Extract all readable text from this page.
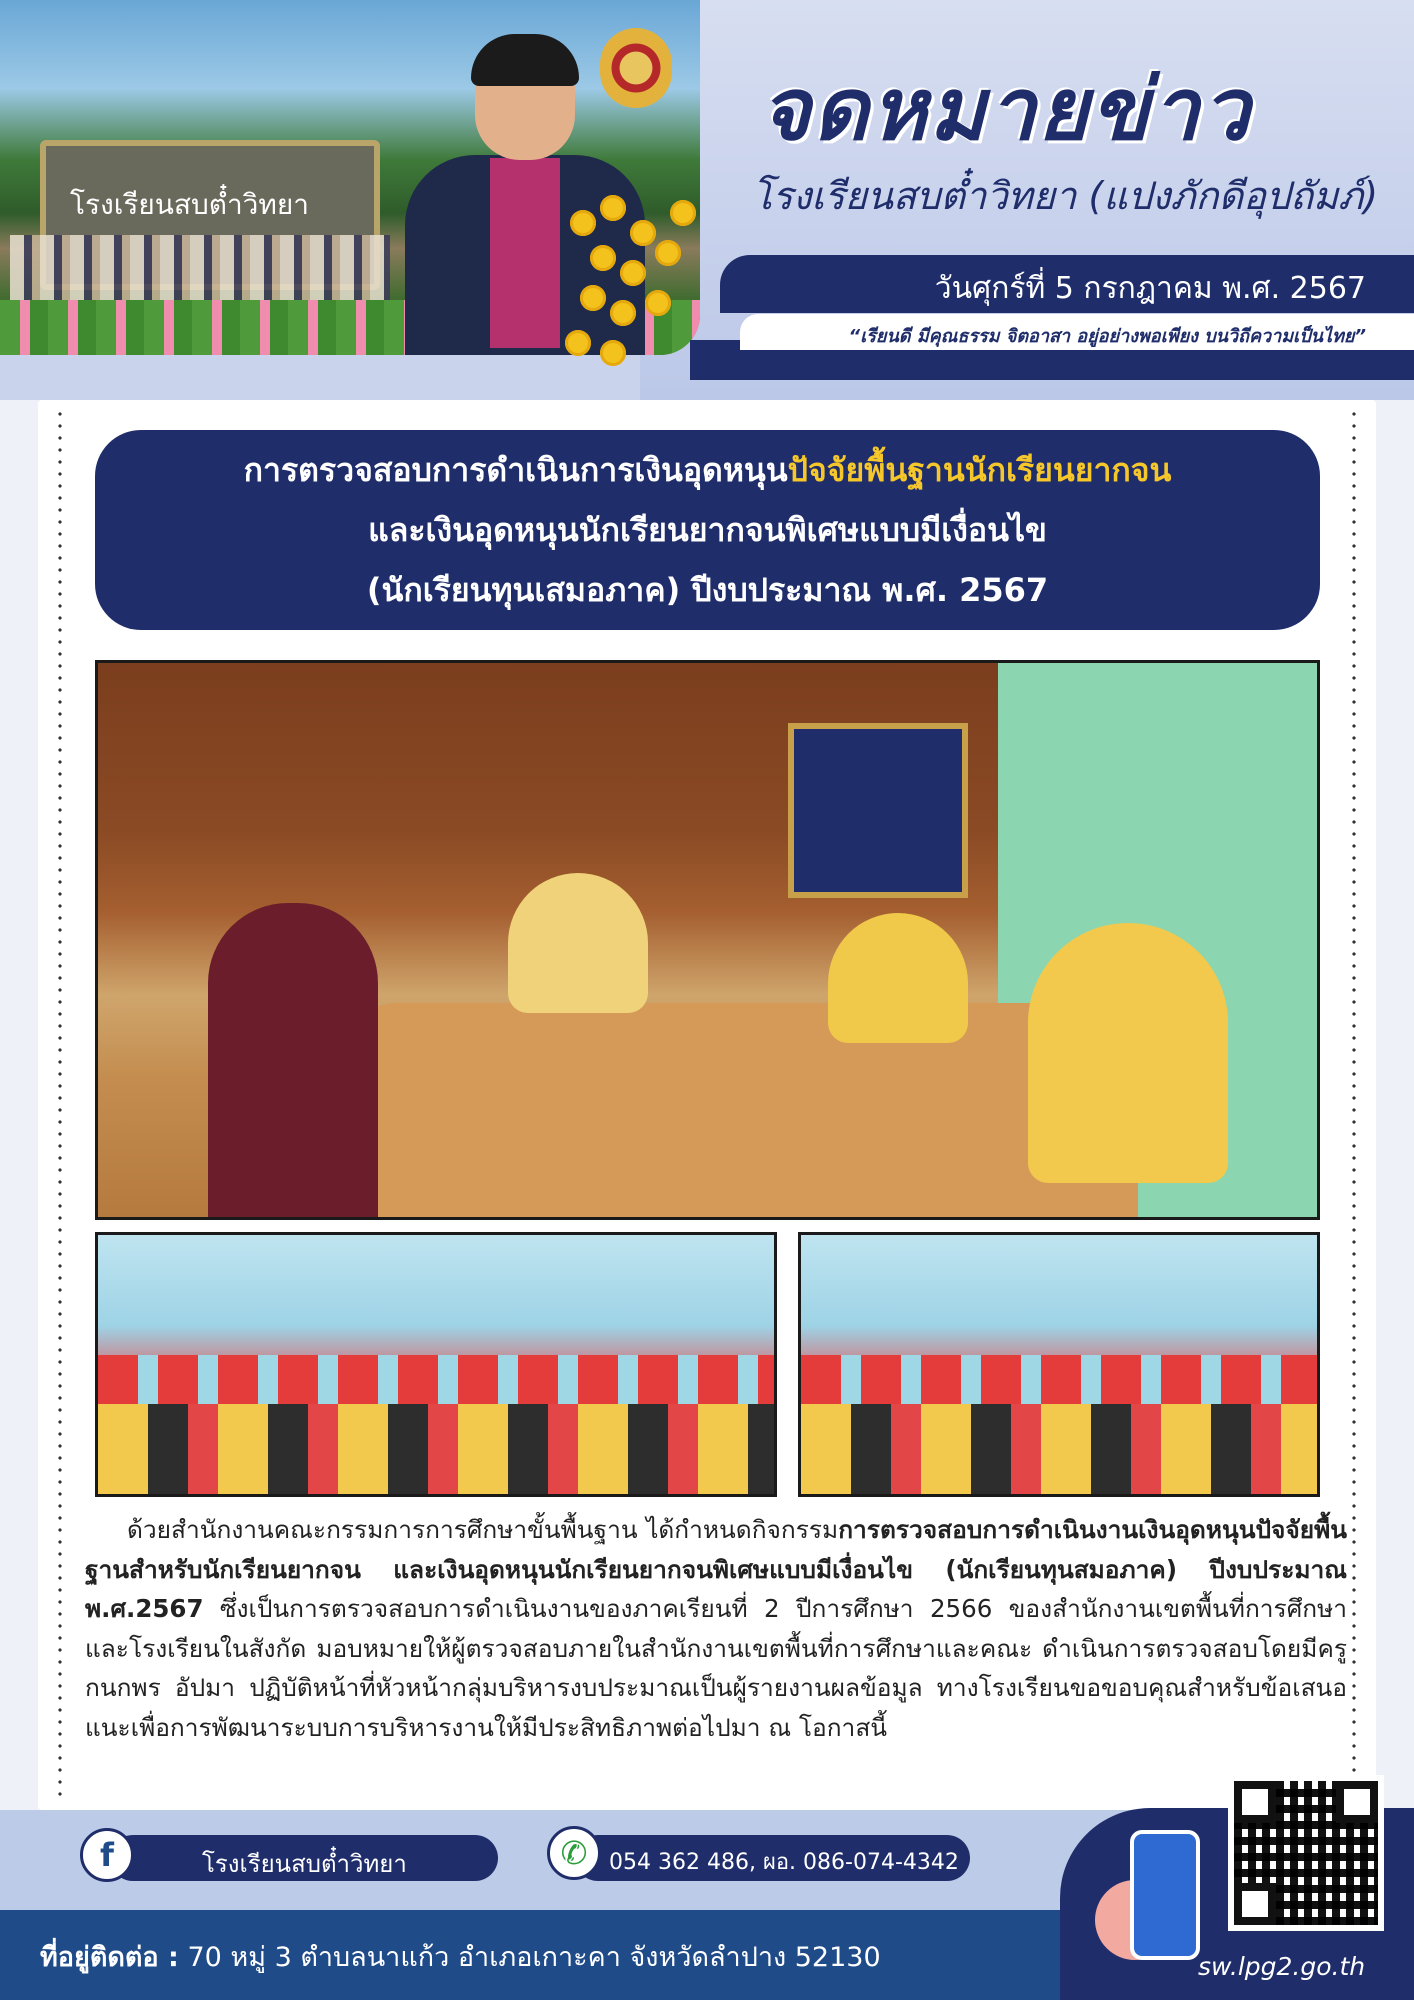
โรงเรียนสบต๋ำวิทยา
จดหมายข่าว
โรงเรียนสบต๋ำวิทยา (แปงภักดีอุปถัมภ์)
วันศุกร์ที่ 5 กรกฎาคม พ.ศ. 2567
“เรียนดี มีคุณธรรม จิตอาสา อยู่อย่างพอเพียง บนวิถีความเป็นไทย”
การตรวจสอบการดำเนินการเงินอุดหนุนปัจจัยพื้นฐานนักเรียนยากจน
และเงินอุดหนุนนักเรียนยากจนพิเศษแบบมีเงื่อนไข
(นักเรียนทุนเสมอภาค) ปีงบประมาณ พ.ศ. 2567
ด้วยสำนักงานคณะกรรมการการศึกษาขั้นพื้นฐาน ได้กำหนดกิจกรรมการตรวจสอบการดำเนินงานเงินอุดหนุนปัจจัยพื้นฐานสำหรับนักเรียนยากจน และเงินอุดหนุนนักเรียนยากจนพิเศษแบบมีเงื่อนไข (นักเรียนทุนสมอภาค) ปีงบประมาณ พ.ศ.2567 ซึ่งเป็นการตรวจสอบการดำเนินงานของภาคเรียนที่ 2 ปีการศึกษา 2566 ของสำนักงานเขตพื้นที่การศึกษาและโรงเรียนในสังกัด มอบหมายให้ผู้ตรวจสอบภายในสำนักงานเขตพื้นที่การศึกษาและคณะ ดำเนินการตรวจสอบโดยมีครูกนกพร อัปมา ปฏิบัติหน้าที่หัวหน้ากลุ่มบริหารงบประมาณเป็นผู้รายงานผลข้อมูล ทางโรงเรียนขอขอบคุณสำหรับข้อเสนอแนะเพื่อการพัฒนาระบบการบริหารงานให้มีประสิทธิภาพต่อไปมา ณ โอกาสนี้
โรงเรียนสบต๋ำวิทยา
f	054 362 486, ผอ. 086-074-4342
✆
ที่อยู่ติดต่อ : 70 หมู่ 3 ตำบลนาแก้ว อำเภอเกาะคา จังหวัดลำปาง 52130	sw.lpg2.go.th
